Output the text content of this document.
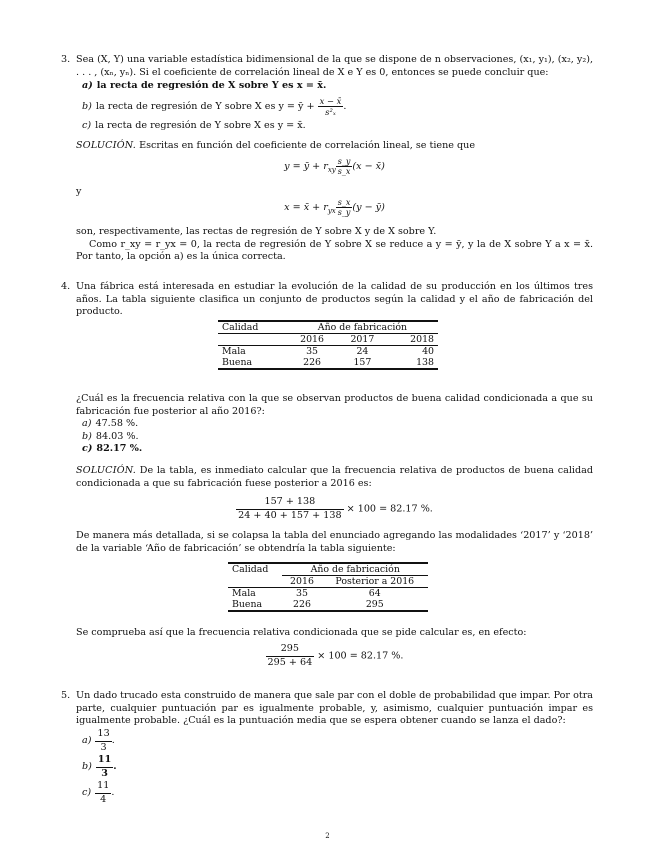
3. Sea (X, Y) una variable estadística bidimensional de la que se dispone de n observaciones, (x₁, y₁), (x₂, y₂), . . . , (xₙ, yₙ). Si el coeficiente de correlación lineal de X e Y es 0, entonces se puede concluir que:

a) la recta de regresión de X sobre Y es x = x̄.
b) la recta de regresión de Y sobre X es y = ȳ + $\frac{x - x̄}{\text{s²ₓ}}$ .
c) la recta de regresión de Y sobre X es y = x̄.
SOLUCIÓN. Escritas en función del coeficiente de correlación lineal, se tiene que
y = ȳ + $r_{xy} \frac{s\_y}{s\_x} (x$ − x̄)
y
x = x̄ + $r_{yx} \frac{s\_x}{s\_y} (y$ − ȳ)

son, respectivamente, las rectas de regresión de Y sobre X y de X sobre Y.

Como r_xy = r_yx = 0, la recta de regresión de Y sobre X se reduce a y = ȳ, y la de X sobre Y a x = x̄. Por tanto, la opción a) es la única correcta.

4. Una fábrica está interesada en estudiar la evolución de la calidad de su producción en los últimos tres años. La tabla siguiente clasifica un conjunto de productos según la calidad y el año de fabricación del producto.

Calidad	Año de fabricación		
	2016	2017	2018
Mala	35	24	40
Buena	226	157	138

¿Cuál es la frecuencia relativa con la que se observan productos de buena calidad condicionada a que su fabricación fue posterior al año 2016?:

a) 47.58 %.
b) 84.03 %.
c) 82.17 %.

SOLUCIÓN. De la tabla, es inmediato calcular que la frecuencia relativa de productos de buena calidad condicionada a que su fabricación fuese posterior a 2016 es:

$\frac{157 + 138}{24 + 40 + 157 + 138} \times 100 = 82.17$ %.

De manera más detallada, si se colapsa la tabla del enunciado agregando las modalidades ‘2017’ y ‘2018’ de la variable ‘Año de fabricación’ se obtendría la tabla siguiente:

Calidad	Año de fabricación	
	2016	Posterior a 2016
Mala	35	64
Buena	226	295

Se comprueba así que la frecuencia relativa condicionada que se pide calcular es, en efecto:

$\frac{295}{295 + 64} \times 100 = 82.17$ %.
5. Un dado trucado esta construido de manera que sale par con el doble de probabilidad que impar. Por otra parte, cualquier puntuación par es igualmente probable, y, asimismo, cualquier puntuación impar es igualmente probable. ¿Cuál es la puntuación media que se espera obtener cuando se lanza el dado?:

$a) \frac{13}{3}$ .
$b) \frac{11}{3}$ .
$c) \frac{11}{4}$ .
2
